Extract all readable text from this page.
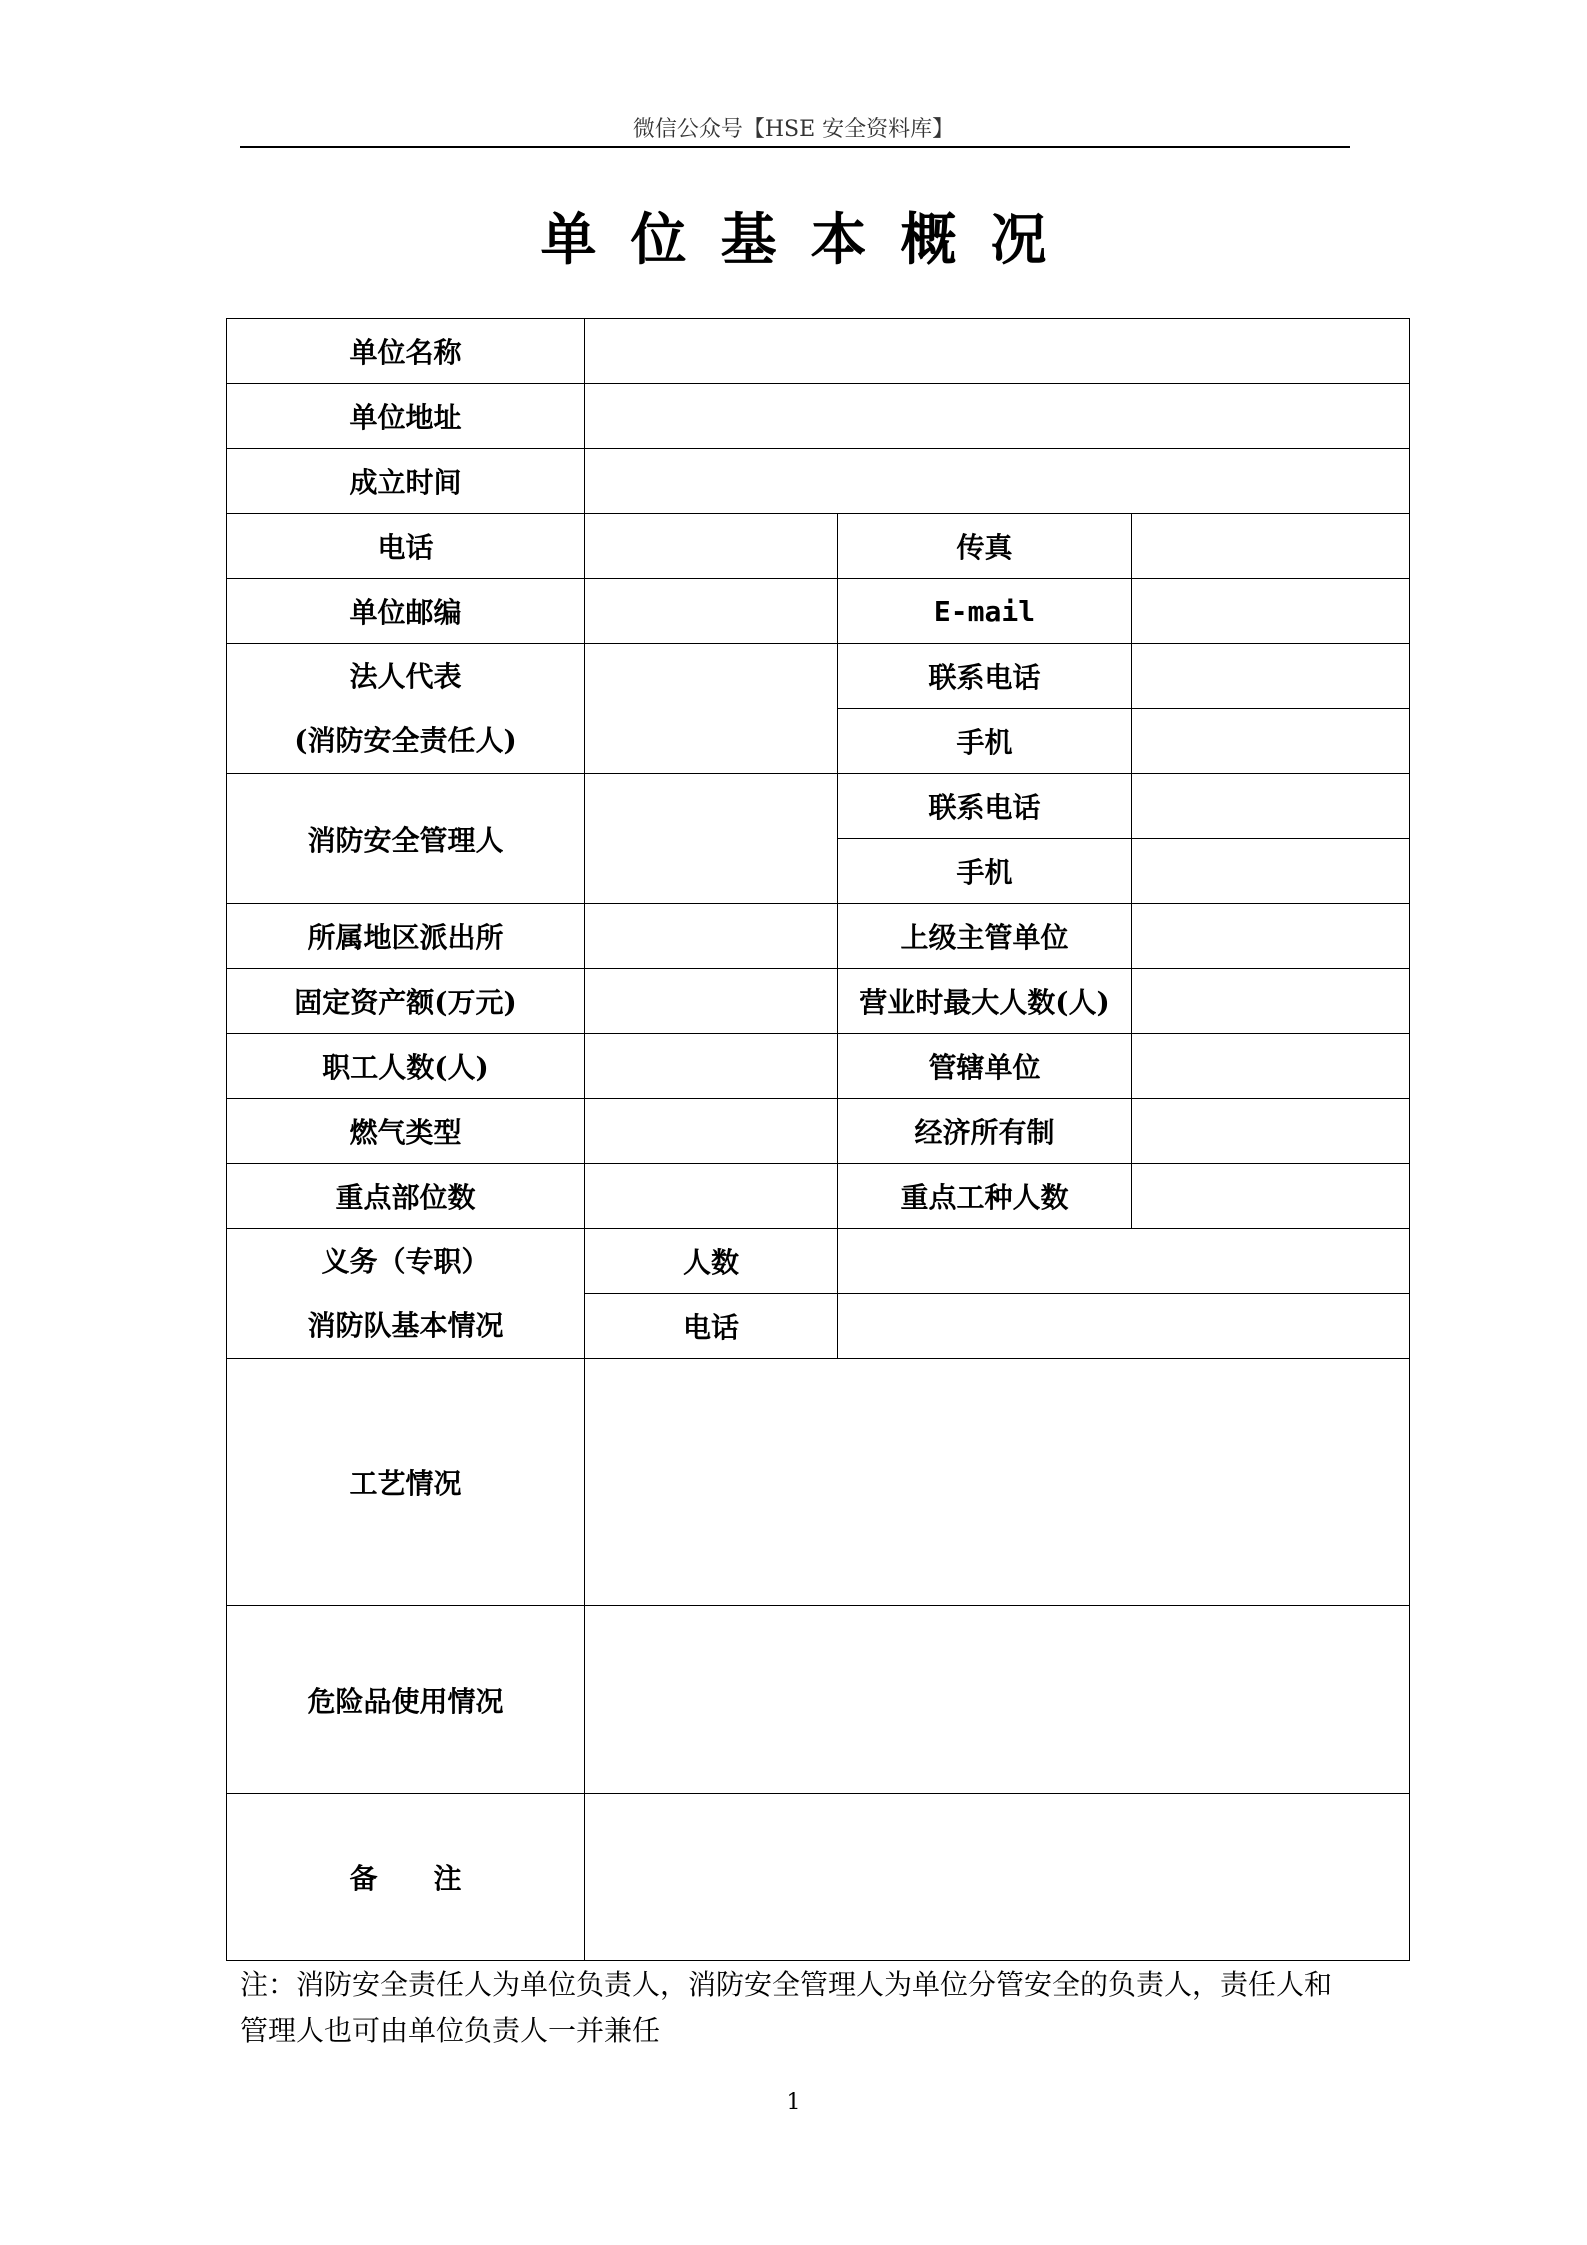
微信公众号【HSE 安全资料库】
单位基本概况
单位名称			
单位地址			
成立时间			
电话		传真	
单位邮编		E-mail	

法人代表
(消防安全责任人)		联系电话	
		手机	
消防安全管理人		联系电话	
		手机	
所属地区派出所		上级主管单位	
固定资产额(万元)		营业时最大人数(人)	
职工人数(人)		管辖单位	
燃气类型		经济所有制	
重点部位数		重点工种人数	

义务（专职）
消防队基本情况	人数		
	电话		
工艺情况			
危险品使用情况			
备　　注			
注：消防安全责任人为单位负责人，消防安全管理人为单位分管安全的负责人，责任人和管理人也可由单位负责人一并兼任
1
